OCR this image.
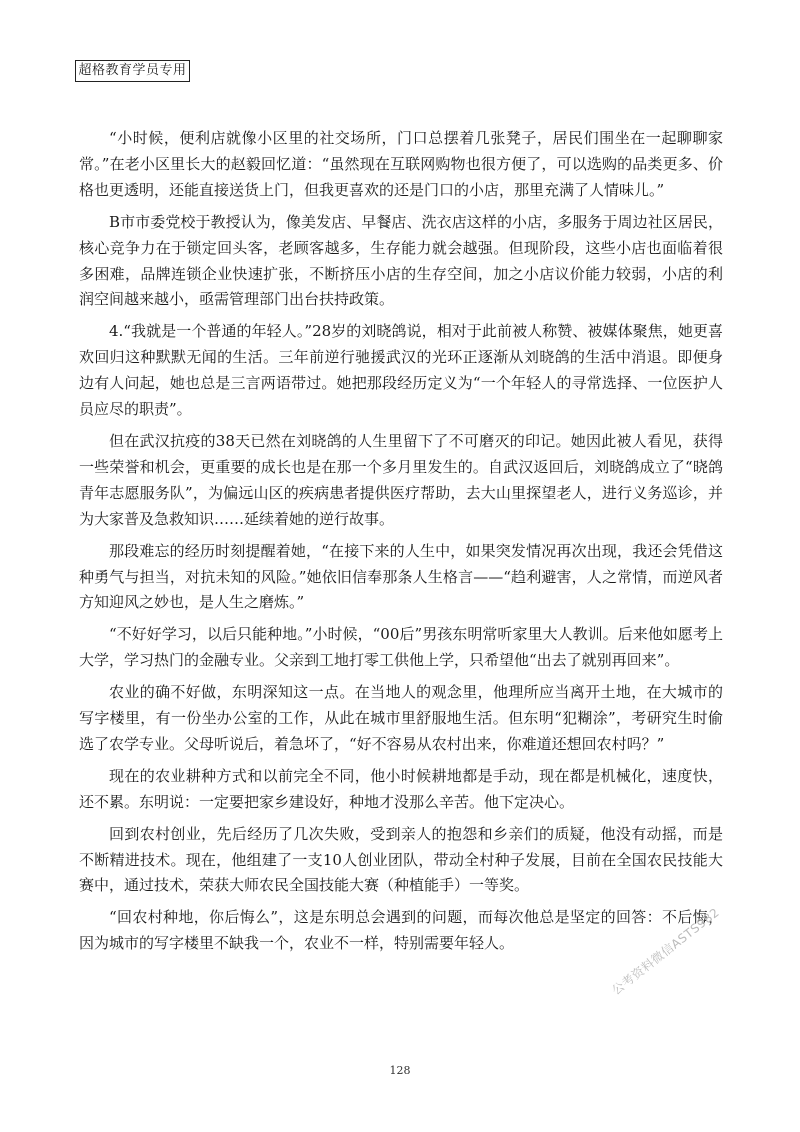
超格教育学员专用

“小时候，便利店就像小区里的社交场所，门口总摆着几张凳子，居民们围坐在一起聊聊家常。”在老小区里长大的赵毅回忆道：“虽然现在互联网购物也很方便了，可以选购的品类更多、价格也更透明，还能直接送货上门，但我更喜欢的还是门口的小店，那里充满了人情味儿。”

B市市委党校于教授认为，像美发店、早餐店、洗衣店这样的小店，多服务于周边社区居民，核心竞争力在于锁定回头客，老顾客越多，生存能力就会越强。但现阶段，这些小店也面临着很多困难，品牌连锁企业快速扩张，不断挤压小店的生存空间，加之小店议价能力较弱，小店的利润空间越来越小，亟需管理部门出台扶持政策。

4.“我就是一个普通的年轻人。”28岁的刘晓鸽说，相对于此前被人称赞、被媒体聚焦，她更喜欢回归这种默默无闻的生活。三年前逆行驰援武汉的光环正逐渐从刘晓鸽的生活中消退。即便身边有人问起，她也总是三言两语带过。她把那段经历定义为“一个年轻人的寻常选择、一位医护人员应尽的职责”。

但在武汉抗疫的38天已然在刘晓鸽的人生里留下了不可磨灭的印记。她因此被人看见，获得一些荣誉和机会，更重要的成长也是在那一个多月里发生的。自武汉返回后，刘晓鸽成立了“晓鸽青年志愿服务队”，为偏远山区的疾病患者提供医疗帮助，去大山里探望老人，进行义务巡诊，并为大家普及急救知识……延续着她的逆行故事。

那段难忘的经历时刻提醒着她，“在接下来的人生中，如果突发情况再次出现，我还会凭借这种勇气与担当，对抗未知的风险。”她依旧信奉那条人生格言——“趋利避害，人之常情，而逆风者方知迎风之妙也，是人生之磨炼。”

“不好好学习，以后只能种地。”小时候，“00后”男孩东明常听家里大人教训。后来他如愿考上大学，学习热门的金融专业。父亲到工地打零工供他上学，只希望他“出去了就别再回来”。

农业的确不好做，东明深知这一点。在当地人的观念里，他理所应当离开土地，在大城市的写字楼里，有一份坐办公室的工作，从此在城市里舒服地生活。但东明“犯糊涂”，考研究生时偷选了农学专业。父母听说后，着急坏了，“好不容易从农村出来，你难道还想回农村吗？”

现在的农业耕种方式和以前完全不同，他小时候耕地都是手动，现在都是机械化，速度快，还不累。东明说：一定要把家乡建设好，种地才没那么辛苦。他下定决心。

回到农村创业，先后经历了几次失败，受到亲人的抱怨和乡亲们的质疑，他没有动摇，而是不断精进技术。现在，他组建了一支10人创业团队，带动全村种子发展，目前在全国农民技能大赛中，通过技术，荣获大师农民全国技能大赛（种植能手）一等奖。

“回农村种地，你后悔么”，这是东明总会遇到的问题，而每次他总是坚定的回答：不后悔，因为城市的写字楼里不缺我一个，农业不一样，特别需要年轻人。	公考资料微信ASTS982
128
